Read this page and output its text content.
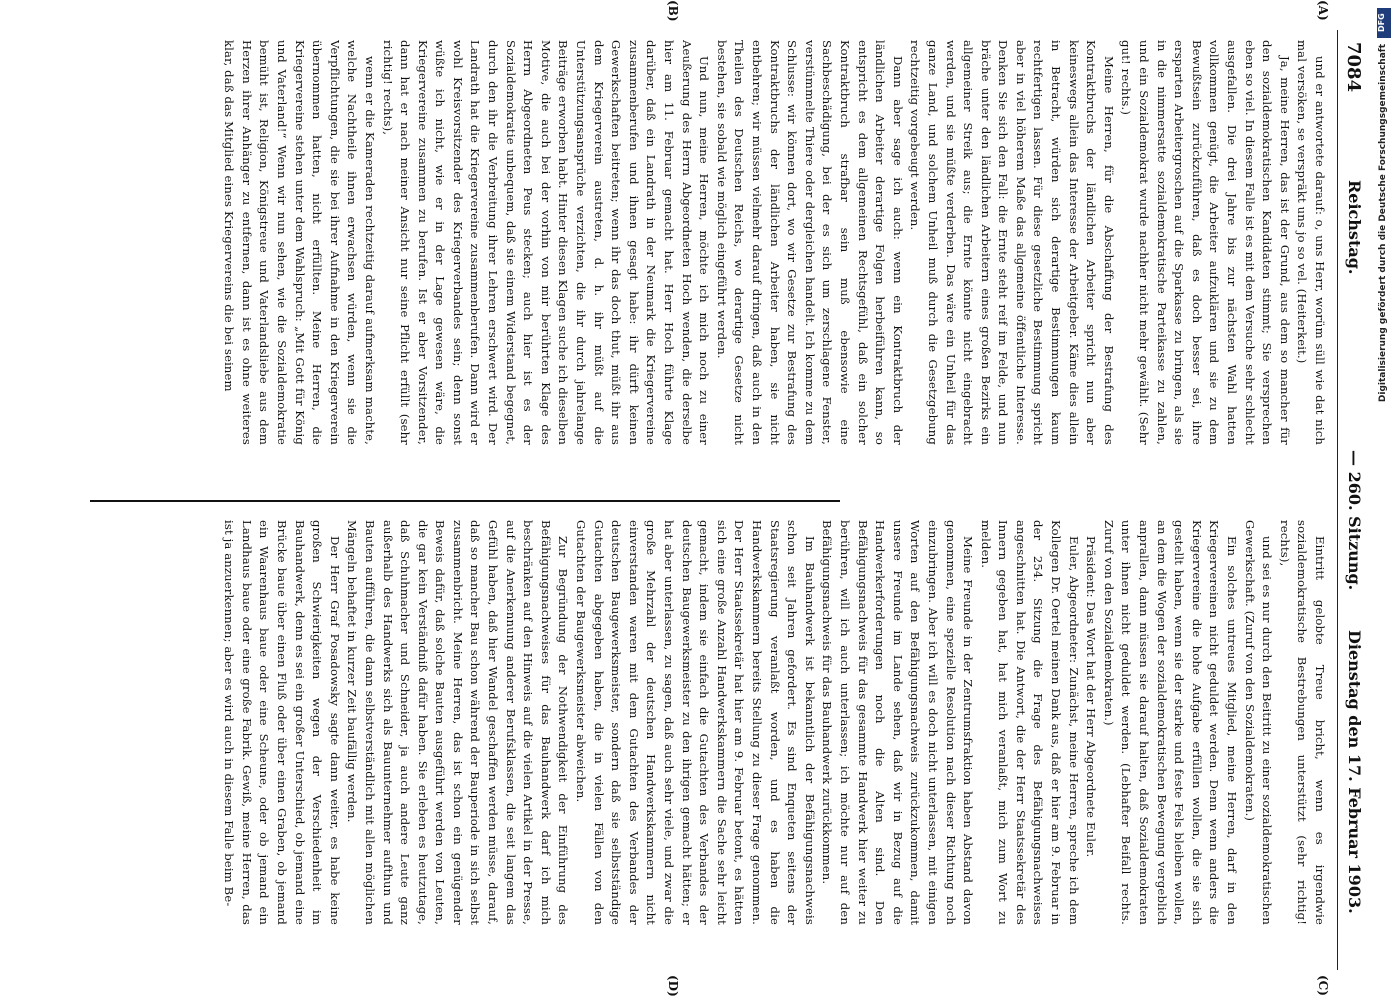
7084
Reichstag.
— 260. Sitzung.
Dienstag den 17. Februar 1903.

und er antwortete darauf: o, uns Herr, worüm süll wie dat nich mal versöken, se verspräkt uns jo so vel. (Heiterkeit.)

Ja, meine Herren, das ist der Grund, aus dem so mancher für den sozialdemokratischen Kandidaten stimmt; Sie versprechen eben so viel. In diesem Falle ist es mit dem Versuche sehr schlecht ausgefallen. Die drei Jahre bis zur nächsten Wahl hatten vollkommen genügt, die Arbeiter aufzuklären und sie zu dem Bewußtsein zurückzuführen, daß es doch besser sei, ihre ersparten Arbeitergroschen auf die Sparkasse zu bringen, als sie in die nimmersatte sozialdemokratische Parteikasse zu zahlen, und ein Sozialdemokrat wurde nachher nicht mehr gewählt. (Sehr gut! rechts.)

Meine Herren, für die Abschaffung der Bestrafung des Kontraktbruchs der ländlichen Arbeiter spricht nun aber keineswegs allein das Interesse der Arbeitgeber. Käme dies allein in Betracht, würden sich derartige Bestimmungen kaum rechtfertigen lassen. Für diese gesetzliche Bestimmung spricht aber in viel höherem Maße das allgemeine öffentliche Interesse. Denken Sie sich den Fall: die Ernte steht reif im Felde, und nun bräche unter den ländlichen Arbeitern eines großen Bezirks ein allgemeiner Streik aus; die Ernte könnte nicht eingebracht werden, und sie müßte verderben. Das wäre ein Unheil für das ganze Land, und solchem Unheil muß durch die Gesetzgebung rechtzeitig vorgebeugt werden.

Dann aber sage ich auch: wenn ein Kontraktbruch der ländlichen Arbeiter derartige Folgen herbeiführen kann, so entspricht es dem allgemeinen Rechtsgefühl, daß ein solcher Kontraktbruch strafbar sein muß ebensowie eine Sachbeschädigung, bei der es sich um zerschlagene Fenster, verstümmelte Thiere oder dergleichen handelt. Ich komme zu dem Schlusse: wir können dort, wo wir Gesetze zur Bestrafung des Kontraktbruchs der ländlichen Arbeiter haben, sie nicht entbehren; wir müssen vielmehr darauf dringen, daß auch in den Theilen des Deutschen Reichs, wo derartige Gesetze nicht bestehen, sie sobald wie möglich eingeführt werden.

Und nun, meine Herren, möchte ich mich noch zu einer Aeußerung des Herrn Abgeordneten Hoch wenden, die derselbe hier am 11. Februar gemacht hat. Herr Hoch führte Klage darüber, daß ein Landrath in der Neumark die Kriegervereine zusammenberufen und ihnen gesagt habe: ihr dürft keinen Gewerkschaften beitreten; wenn ihr das doch thut, müßt ihr aus dem Kriegerverein austreten, d. h. ihr müßt auf die Unterstützungsansprüche verzichten, die ihr durch jahrelange Beiträge erworben habt. Hinter diesen Klagen suche ich dieselben Motive, die auch bei der vorhin von mir berührten Klage des Herrn Abgeordneten Peus stecken; auch hier ist es der Sozialdemokratie unbequem, daß sie einem Widerstand begegnet, durch den ihr die Verbreitung ihrer Lehren erschwert wird. Der Landrath hat die Kriegervereine zusammenberufen. Dann wird er wohl Kreisvorsitzender des Kriegerverbandes sein; denn sonst wüßte ich nicht, wie er in der Lage gewesen wäre, die Kriegervereine zusammen zu berufen. Ist er aber Vorsitzender, dann hat er nach meiner Ansicht nur seine Pflicht erfüllt (sehr richtig! rechts),

wenn er die Kameraden rechtzeitig darauf aufmerksam machte, welche Nachtheile ihnen erwachsen würden, wenn sie die Verpflichtungen, die sie bei ihrer Aufnahme in den Kriegerverein übernommen hatten, nicht erfüllten. Meine Herren, die Kriegervereine stehen unter dem Wahlspruch: „Mit Gott für König und Vaterland!“ Wenn wir nun sehen, wie die Sozialdemokratie bemüht ist, Religion, Königstreue und Vaterlandsliebe aus dem Herzen ihrer Anhänger zu entfernen, dann ist es ohne weiteres klar, daß das Mitglied eines Kriegervereins die bei seinem

Eintritt gelobte Treue bricht, wenn es irgendwie sozialdemokratische Bestrebungen unterstützt (sehr richtig! rechts),

und sei es nur durch den Beitritt zu einer sozialdemokratischen Gewerkschaft. (Zuruf von den Sozialdemokraten.)

Ein solches untreues Mitglied, meine Herren, darf in den Kriegervereinen nicht geduldet werden. Denn wenn anders die Kriegervereine die hohe Aufgabe erfüllen wollen, die sie sich gestellt haben, wenn sie der starke und feste Fels bleiben wollen, an dem die Wogen der sozialdemokratischen Bewegung vergeblich anprallen, dann müssen sie darauf halten, daß Sozialdemokraten unter ihnen nicht geduldet werden. (Lebhafter Beifall rechts. Zuruf von den Sozialdemokraten.)

Präsident: Das Wort hat der Herr Abgeordnete Euler.

Euler, Abgeordneter: Zunächst, meine Herren, spreche ich dem Kollegen Dr. Oertel meinen Dank aus, daß er hier am 9. Februar in der 254. Sitzung die Frage des Befähigungsnachweises angeschnitten hat. Die Antwort, die der Herr Staatssekretär des Innern gegeben hat, hat mich veranlaßt, mich zum Wort zu melden.

Meine Freunde in der Zentrumsfraktion haben Abstand davon genommen, eine spezielle Resolution nach dieser Richtung noch einzubringen. Aber ich will es doch nicht unterlassen, mit einigen Worten auf den Befähigungsnachweis zurückzukommen, damit unsere Freunde im Lande sehen, daß wir in Bezug auf die Handwerkerforderungen noch die Alten sind. Den Befähigungsnachweis für das gesammte Handwerk hier weiter zu berühren, will ich auch unterlassen; ich möchte nur auf den Befähigungsnachweis für das Bauhandwerk zurückkommen.

Im Bauhandwerk ist bekanntlich der Befähigungsnachweis schon seit Jahren gefordert. Es sind Enqueten seitens der Staatsregierung veranlaßt worden, und es haben die Handwerkskammern bereits Stellung zu dieser Frage genommen. Der Herr Staatssekretär hat hier am 9. Februar betont, es hätten sich eine große Anzahl Handwerkskammern die Sache sehr leicht gemacht, indem sie einfach die Gutachten des Verbandes der deutschen Baugewerksmeister zu den ihrigen gemacht hätten; er hat aber unterlassen, zu sagen, daß auch sehr viele, und zwar die große Mehrzahl der deutschen Handwerkskammern nicht einverstanden waren mit dem Gutachten des Verbandes der deutschen Baugewerksmeister, sondern daß sie selbstständige Gutachten abgegeben haben, die in vielen Fällen von den Gutachten der Baugewerksmeister abweichen.

Zur Begründung der Nothwendigkeit der Einführung des Befähigungsnachweises für das Bauhandwerk darf ich mich beschränken auf den Hinweis auf die vielen Artikel in der Presse, auf die Anerkennung anderer Berufsklassen, die seit langem das Gefühl haben, daß hier Wandel geschaffen werden müsse, darauf, daß so mancher Bau schon während der Bauperiode in sich selbst zusammenbricht. Meine Herren, das ist schon ein genügender Beweis dafür, daß solche Bauten ausgeführt werden von Leuten, die gar kein Verständniß dafür haben. Sie erleben es heutzutage, daß Schuhmacher und Schneider, ja auch andere Leute ganz außerhalb des Handwerks sich als Bauunternehmer aufthun und Bauten aufführen, die dann selbstverständlich mit allen möglichen Mängeln behaftet in kurzer Zeit baufällig werden.

Der Herr Graf Posadowsky sagte dann weiter, es habe keine großen Schwierigkeiten wegen der Verschiedenheit im Bauhandwerk, denn es sei ein großer Unterschied, ob jemand eine Brücke baue über einen Fluß oder über einen Graben, ob jemand ein Waarenhaus baue oder eine Scheune, oder ob jemand ein Landhaus baue oder eine große Fabrik. Gewiß, meine Herren, das ist ja anzuerkennen; aber es wird auch in diesem Falle beim Be-

(A)
(B)
(C)
(D)
DFG
Digitalisierung gefördert durch die Deutsche Forschungsgemeinschaft
